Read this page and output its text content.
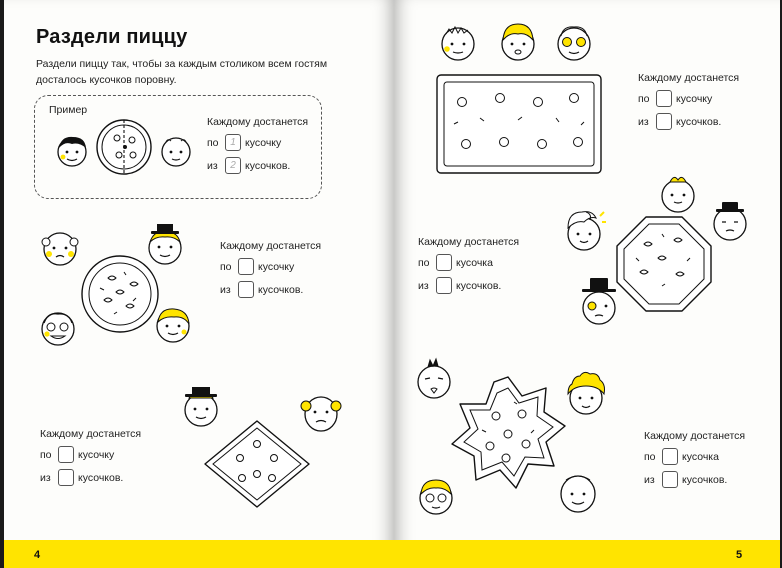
Раздели пиццу

Раздели пиццу так, чтобы за каждым столиком всем гостям досталось кусочков поровну.

Пример
Каждому достанется
по	1 кусочку
из	2 кусочков.
Каждому достанется
по	кусочку
из	кусочков.
Каждому достанется
по	кусочку
из	кусочков.
4
Каждому достанется
по	кусочку
из	кусочков.
Каждому достанется
по	кусочка
из	кусочков.
Каждому достанется
по	кусочка
из	кусочков.
5
